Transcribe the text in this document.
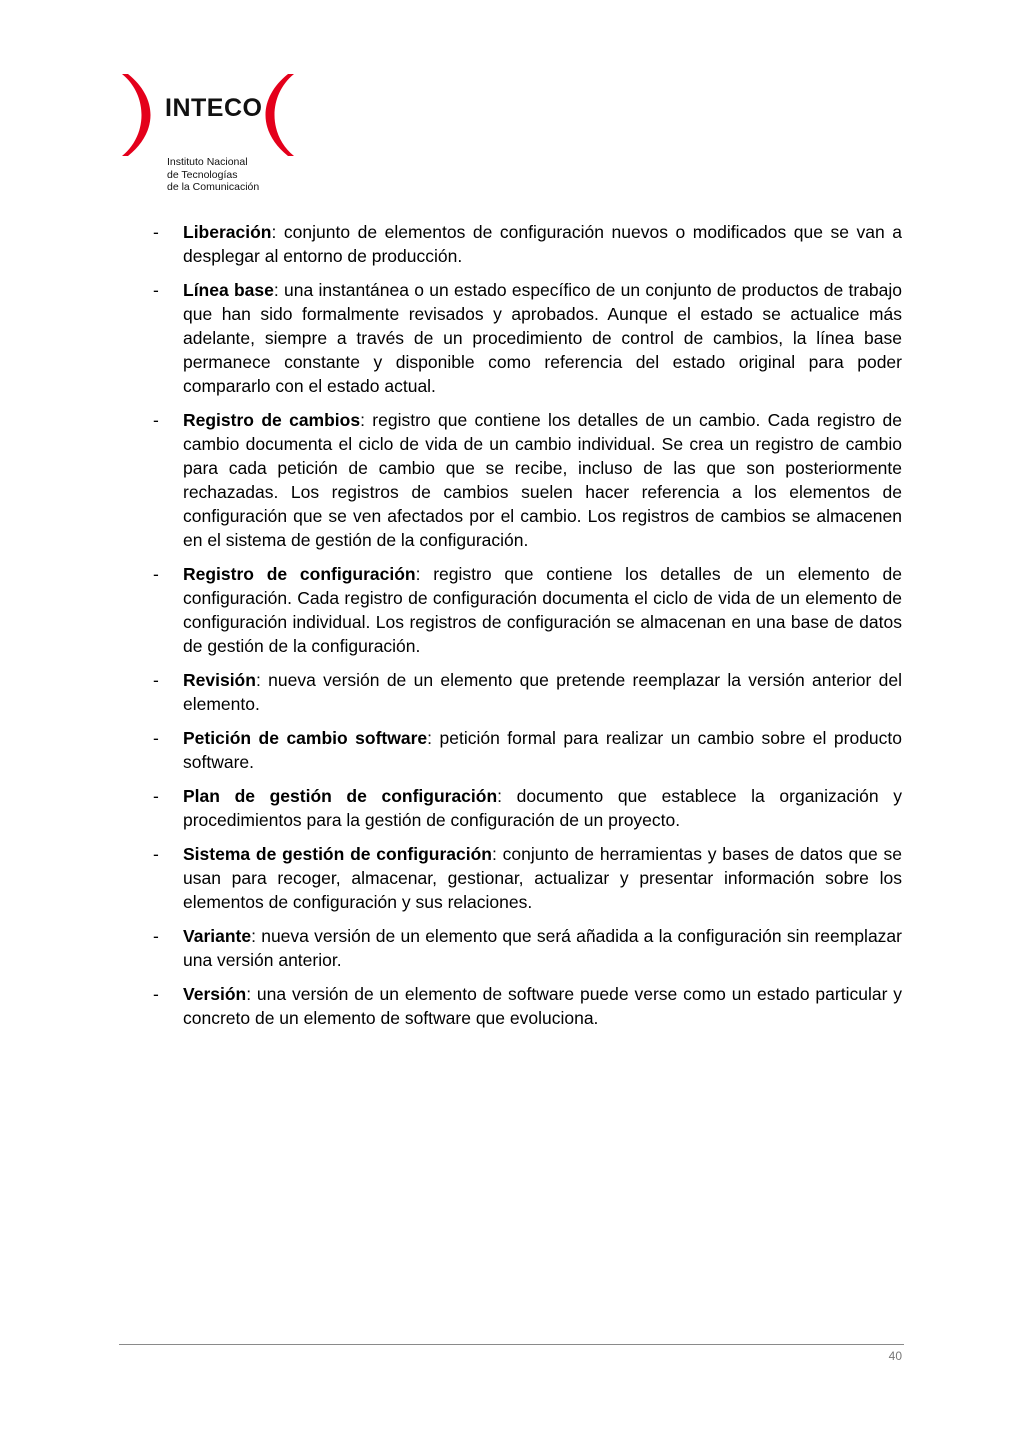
INTECO
Instituto Nacional
de Tecnologías
de la Comunicación
-	Liberación: conjunto de elementos de configuración nuevos o modificados que se van a desplegar al entorno de producción.
-	Línea base: una instantánea o un estado específico de un conjunto de productos de trabajo que han sido formalmente revisados y aprobados. Aunque el estado se actualice más adelante, siempre a través de un procedimiento de control de cambios, la línea base permanece constante y disponible como referencia del estado original para poder compararlo con el estado actual.
-	Registro de cambios: registro que contiene los detalles de un cambio. Cada registro de cambio documenta el ciclo de vida de un cambio individual. Se crea un registro de cambio para cada petición de cambio que se recibe, incluso de las que son posteriormente rechazadas. Los registros de cambios suelen hacer referencia a los elementos de configuración que se ven afectados por el cambio. Los registros de cambios se almacenen en el sistema de gestión de la configuración.
-	Registro de configuración: registro que contiene los detalles de un elemento de configuración. Cada registro de configuración documenta el ciclo de vida de un elemento de configuración individual. Los registros de configuración se almacenan en una base de datos de gestión de la configuración.
-	Revisión: nueva versión de un elemento que pretende reemplazar la versión anterior del elemento.
-	Petición de cambio software: petición formal para realizar un cambio sobre el producto software.
-	Plan de gestión de configuración: documento que establece la organización y procedimientos para la gestión de configuración de un proyecto.
-	Sistema de gestión de configuración: conjunto de herramientas y bases de datos que se usan para recoger, almacenar, gestionar, actualizar y presentar información sobre los elementos de configuración y sus relaciones.
-	Variante: nueva versión de un elemento que será añadida a la configuración sin reemplazar una versión anterior.
-	Versión: una versión de un elemento de software puede verse como un estado particular y concreto de un elemento de software que evoluciona.
40
